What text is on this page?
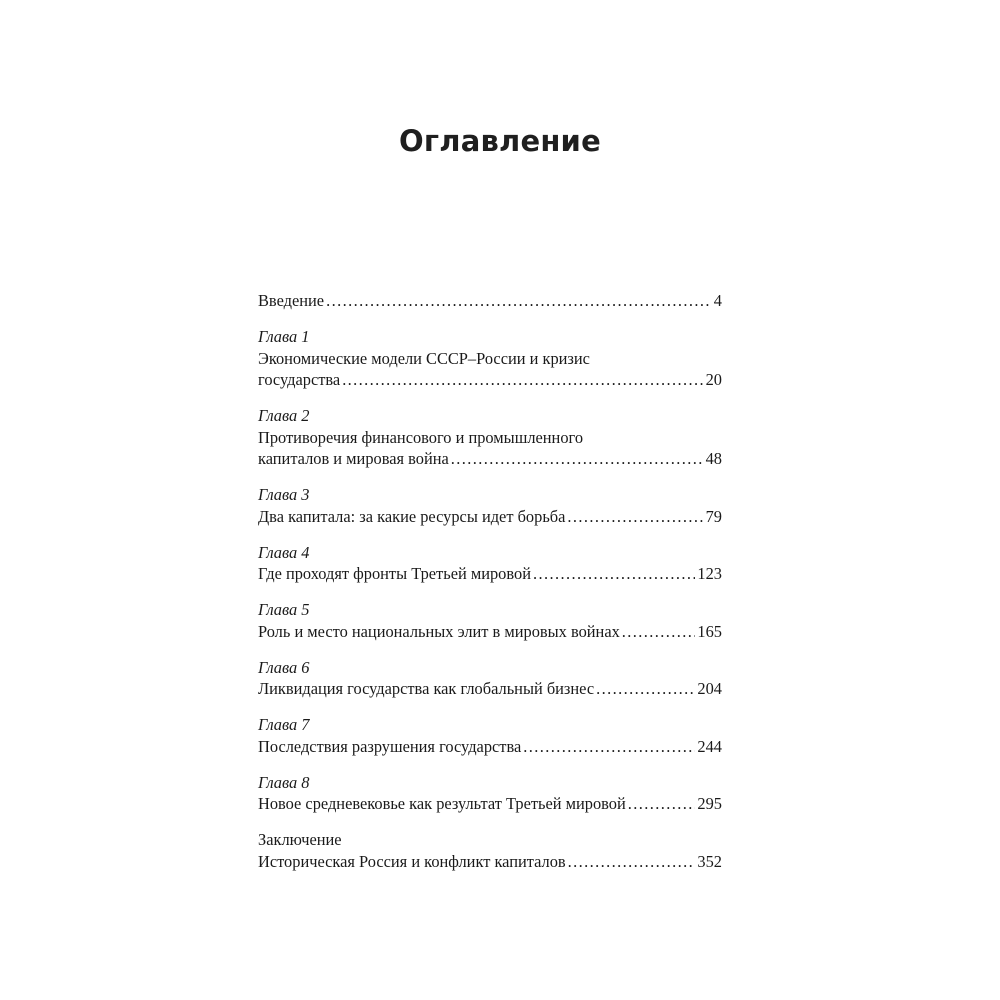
Оглавление
Введение .....	4
Глава 1
Экономические модели СССР–России и кризис
государства .....	20
Глава 2
Противоречия финансового и промышленного
капиталов и мировая война .....	48
Глава 3
Два капитала: за какие ресурсы идет борьба .....	79
Глава 4
Где проходят фронты Третьей мировой .....	123
Глава 5
Роль и место национальных элит в мировых войнах .....	165
Глава 6
Ликвидация государства как глобальный бизнес .....	204
Глава 7
Последствия разрушения государства .....	244
Глава 8
Новое средневековье как результат Третьей мировой .....	295
Заключение
Историческая Россия и конфликт капиталов .....	352
